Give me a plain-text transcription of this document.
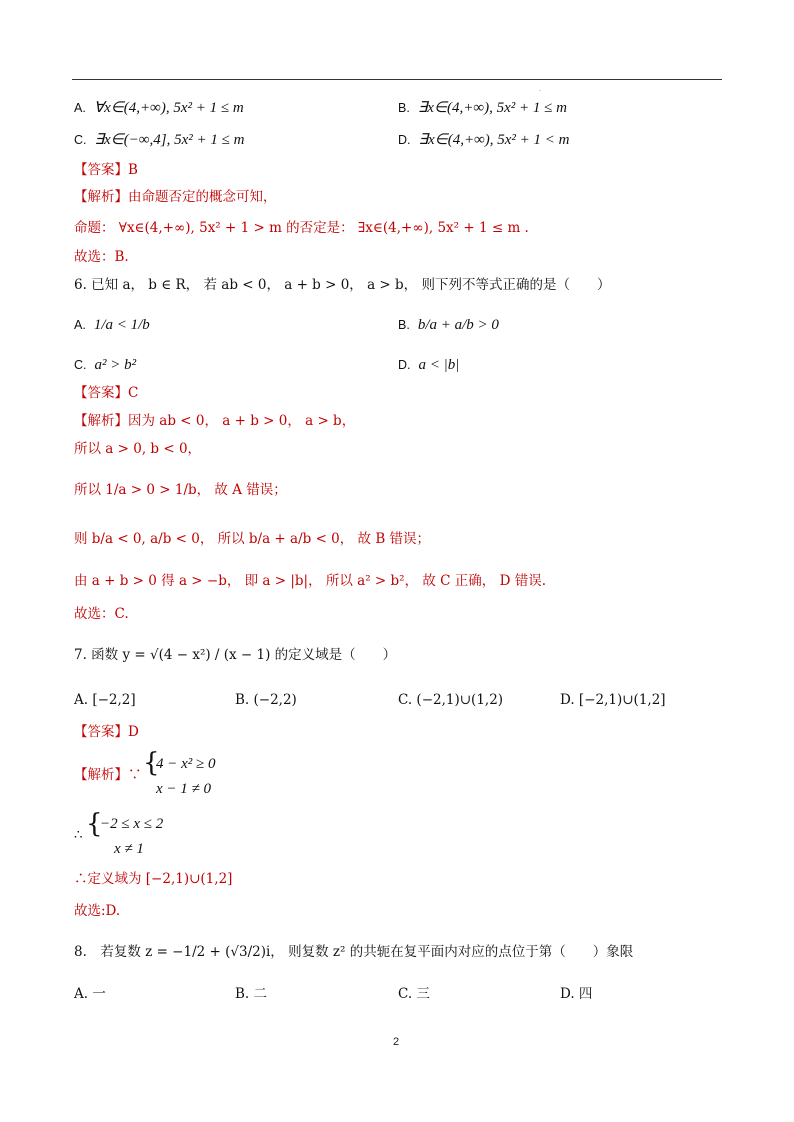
.
A. ∀x∈(4,+∞), 5x² + 1 ≤ m	B. ∃x∈(4,+∞), 5x² + 1 ≤ m
C. ∃x∈(−∞,4], 5x² + 1 ≤ m	D. ∃x∈(4,+∞), 5x² + 1 < m
【答案】B
【解析】由命题否定的概念可知，
命题： ∀x∈(4,+∞), 5x² + 1 > m 的否定是： ∃x∈(4,+∞), 5x² + 1 ≤ m .
故选：B.
6. 已知 a， b ∈ R， 若 ab < 0， a + b > 0， a > b， 则下列不等式正确的是（　　）
A. 1/a < 1/b	B. b/a + a/b > 0
C. a² > b²	D. a < |b|
【答案】C
【解析】因为 ab < 0， a + b > 0， a > b，
所以 a > 0, b < 0，
所以 1/a > 0 > 1/b， 故 A 错误；
则 b/a < 0, a/b < 0， 所以 b/a + a/b < 0， 故 B 错误；
由 a + b > 0 得 a > −b， 即 a > |b|， 所以 a² > b²， 故 C 正确， D 错误.
故选：C.
7. 函数 y = √(4 − x²) / (x − 1) 的定义域是（　　）
A. [−2,2]	B. (−2,2)	C. (−2,1)∪(1,2)	D. [−2,1)∪(1,2]
【答案】D
【解析】∵ {
4 − x² ≥ 0
x − 1 ≠ 0
∴ {
−2 ≤ x ≤ 2
x ≠ 1
∴定义域为 [−2,1)∪(1,2]
故选:D.
8.　若复数 z = −1/2 + (√3/2)i， 则复数 z² 的共轭在复平面内对应的点位于第（　　）象限
A. 一	B. 二	C. 三	D. 四
2
